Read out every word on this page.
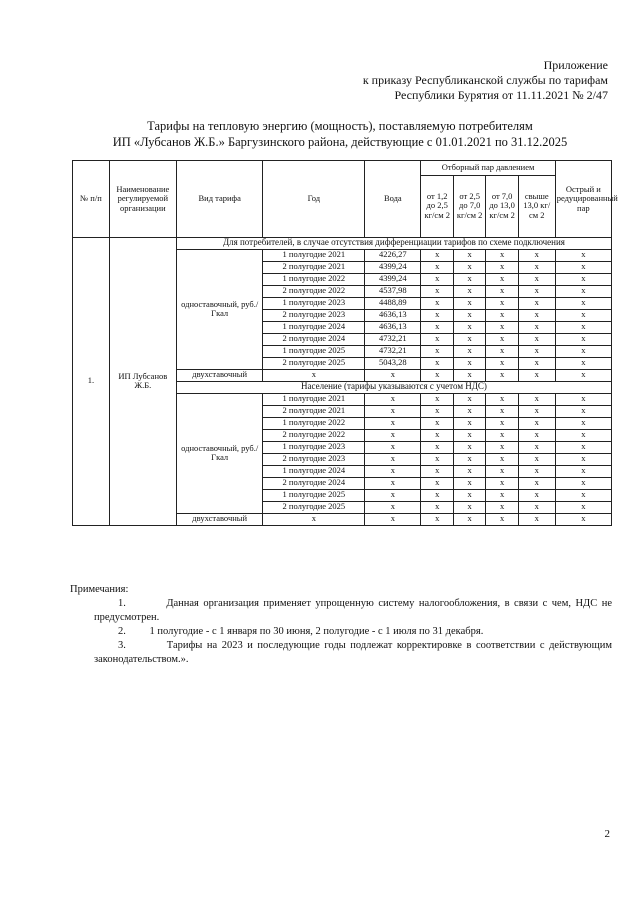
Приложение
к приказу Республиканской службы по тарифам
Республики Бурятия от 11.11.2021 № 2/47
Тарифы на тепловую энергию (мощность), поставляемую потребителям
ИП «Лубсанов Ж.Б.» Баргузинского района, действующие с 01.01.2021 по 31.12.2025
№ п/п	Наименование регулируемой организации	Вид тарифа	Год	Вода	Отборный пар давлением				Острый и редуцированный пар
					от 1,2 до 2,5 кг/см 2	от 2,5 до 7,0 кг/см 2	от 7,0 до 13,0 кг/см 2	свыше 13,0 кг/см 2	
1.	ИП Лубсанов Ж.Б.	Для потребителей, в случае отсутствия дифференциации тарифов по схеме подключения							
		одноставочный, руб./Гкал	1 полугодие 2021	4226,27	x	x	x	x	x
			2 полугодие 2021	4399,24	x	x	x	x	x
			1 полугодие 2022	4399,24	x	x	x	x	x
			2 полугодие 2022	4537,98	x	x	x	x	x
			1 полугодие 2023	4488,89	x	x	x	x	x
			2 полугодие 2023	4636,13	x	x	x	x	x
			1 полугодие 2024	4636,13	x	x	x	x	x
			2 полугодие 2024	4732,21	x	x	x	x	x
			1 полугодие 2025	4732,21	x	x	x	x	x
			2 полугодие 2025	5043,28	x	x	x	x	x
		двухставочный	x	x	x	x	x	x	x
		Население (тарифы указываются с учетом НДС)							
		одноставочный, руб./Гкал	1 полугодие 2021	x	x	x	x	x	x
			2 полугодие 2021	x	x	x	x	x	x
			1 полугодие 2022	x	x	x	x	x	x
			2 полугодие 2022	x	x	x	x	x	x
			1 полугодие 2023	x	x	x	x	x	x
			2 полугодие 2023	x	x	x	x	x	x
			1 полугодие 2024	x	x	x	x	x	x
			2 полугодие 2024	x	x	x	x	x	x
			1 полугодие 2025	x	x	x	x	x	x
			2 полугодие 2025	x	x	x	x	x	x
		двухставочный	x	x	x	x	x	x	x

Примечания:

1.	Данная организация применяет упрощенную систему налогообложения, в связи с чем, НДС не предусмотрен.

2. 1 полугодие - с 1 января по 30 июня, 2 полугодие - с 1 июля по 31 декабря.

3.	Тарифы на 2023 и последующие годы подлежат корректировке в соответствии с действующим законодательством.».

2
